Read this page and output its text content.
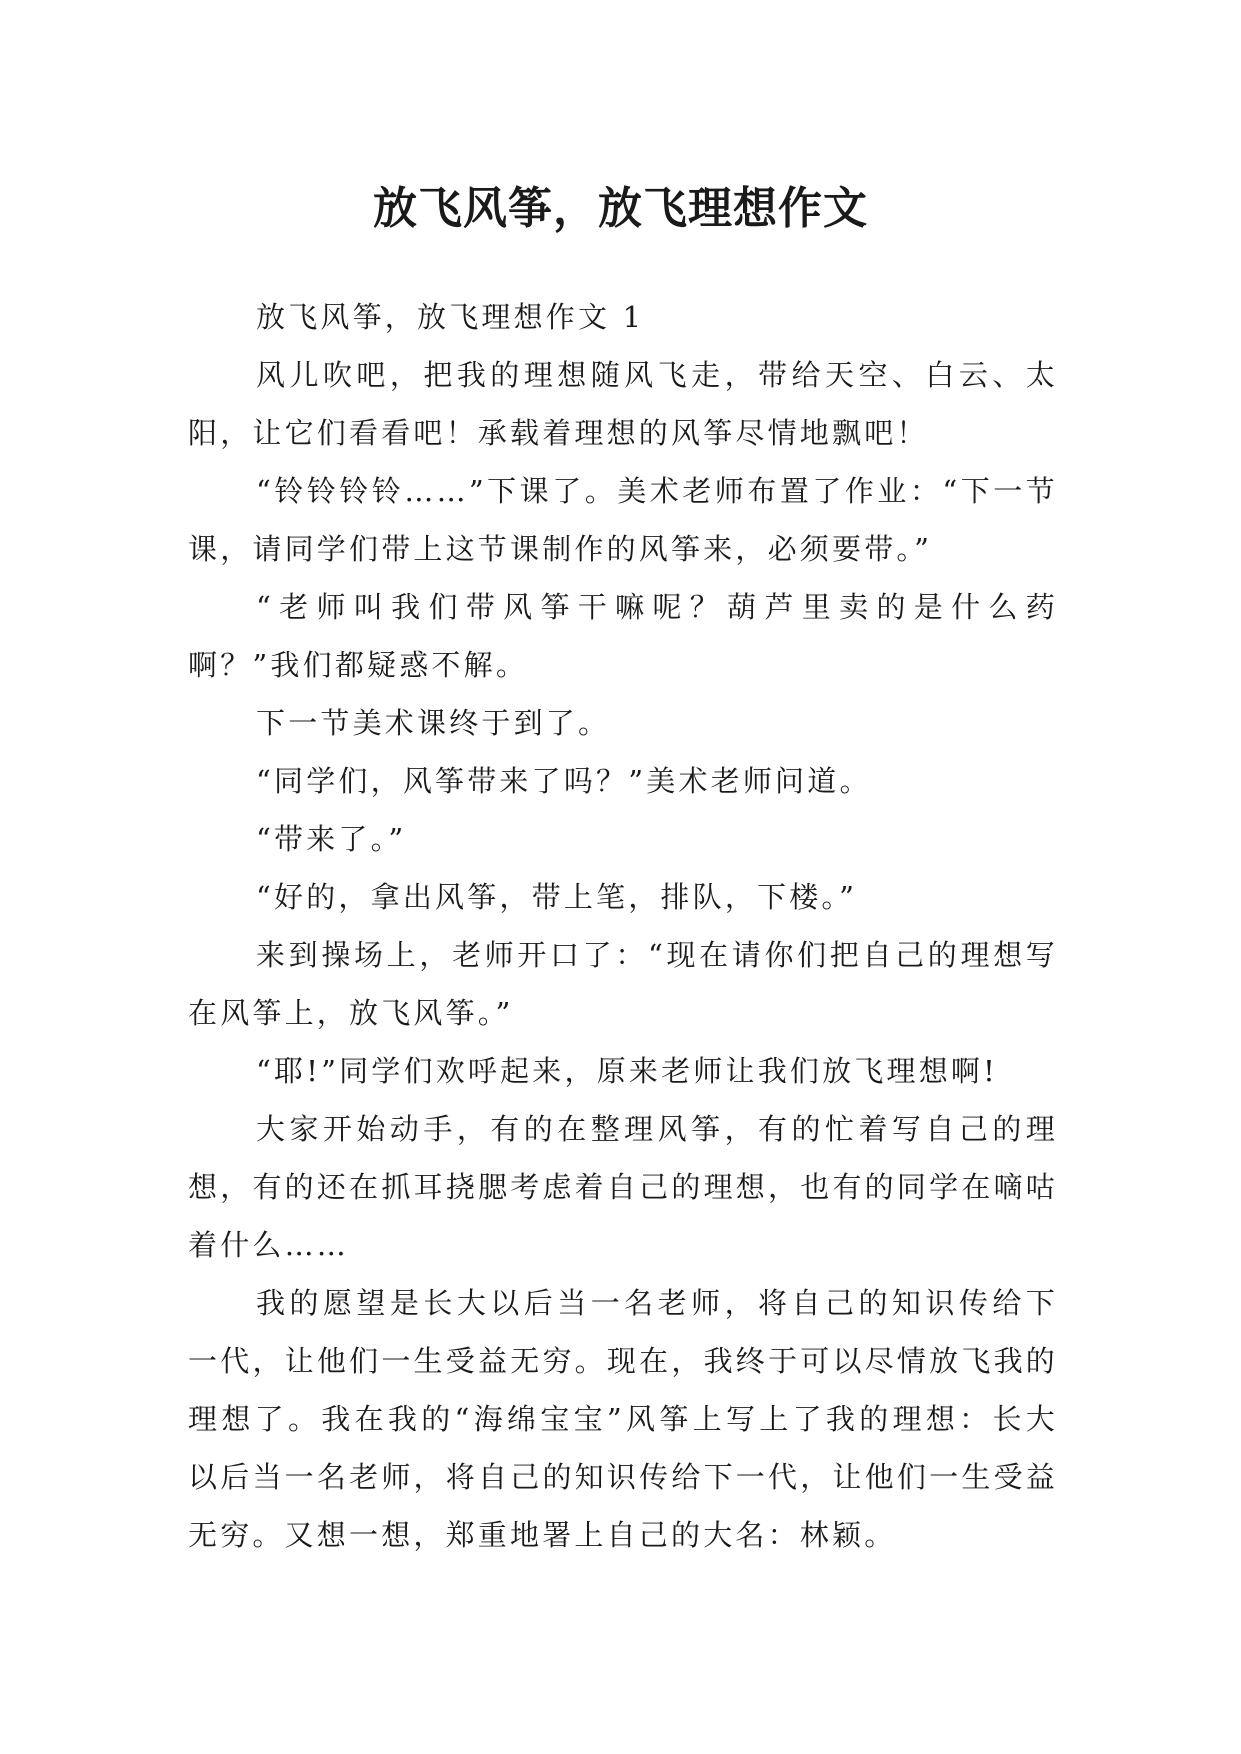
放飞风筝，放飞理想作文

放飞风筝，放飞理想作文 1

风儿吹吧，把我的理想随风飞走，带给天空、白云、太阳，让它们看看吧！承载着理想的风筝尽情地飘吧！

“铃铃铃铃……”下课了。美术老师布置了作业：“下一节课，请同学们带上这节课制作的风筝来，必须要带。”

“老师叫我们带风筝干嘛呢？葫芦里卖的是什么药啊？”我们都疑惑不解。

下一节美术课终于到了。

“同学们，风筝带来了吗？”美术老师问道。

“带来了。”

“好的，拿出风筝，带上笔，排队，下楼。”

来到操场上，老师开口了：“现在请你们把自己的理想写在风筝上，放飞风筝。”

“耶!”同学们欢呼起来，原来老师让我们放飞理想啊!

大家开始动手，有的在整理风筝，有的忙着写自己的理想，有的还在抓耳挠腮考虑着自己的理想，也有的同学在嘀咕着什么……

我的愿望是长大以后当一名老师，将自己的知识传给下一代，让他们一生受益无穷。现在，我终于可以尽情放飞我的理想了。我在我的“海绵宝宝”风筝上写上了我的理想：长大以后当一名老师，将自己的知识传给下一代，让他们一生受益无穷。又想一想，郑重地署上自己的大名：林颖。
